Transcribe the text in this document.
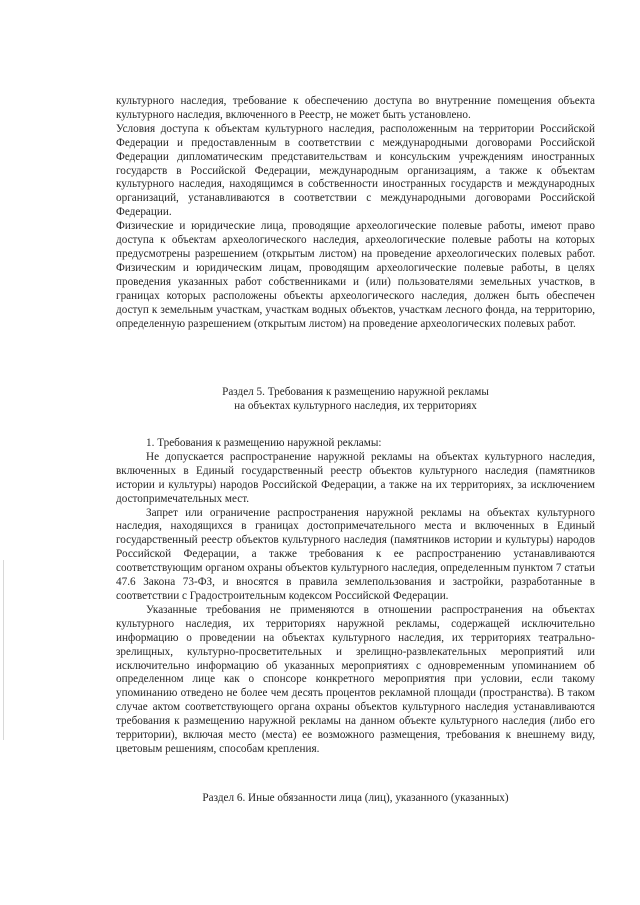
культурного наследия, требование к обеспечению доступа во внутренние помещения объекта культурного наследия, включенного в Реестр, не может быть установлено.

Условия доступа к объектам культурного наследия, расположенным на территории Российской Федерации и предоставленным в соответствии с международными договорами Российской Федерации дипломатическим представительствам и консульским учреждениям иностранных государств в Российской Федерации, международным организациям, а также к объектам культурного наследия, находящимся в собственности иностранных государств и международных организаций, устанавливаются в соответствии с международными договорами Российской Федерации.

Физические и юридические лица, проводящие археологические полевые работы, имеют право доступа к объектам археологического наследия, археологические полевые работы на которых предусмотрены разрешением (открытым листом) на проведение археологических полевых работ. Физическим и юридическим лицам, проводящим археологические полевые работы, в целях проведения указанных работ собственниками и (или) пользователями земельных участков, в границах которых расположены объекты археологического наследия, должен быть обеспечен доступ к земельным участкам, участкам водных объектов, участкам лесного фонда, на территорию, определенную разрешением (открытым листом) на проведение археологических полевых работ.

Раздел 5. Требования к размещению наружной рекламы
на объектах культурного наследия, их территориях

1. Требования к размещению наружной рекламы:

Не допускается распространение наружной рекламы на объектах культурного наследия, включенных в Единый государственный реестр объектов культурного наследия (памятников истории и культуры) народов Российской Федерации, а также на их территориях, за исключением достопримечательных мест.

Запрет или ограничение распространения наружной рекламы на объектах культурного наследия, находящихся в границах достопримечательного места и включенных в Единый государственный реестр объектов культурного наследия (памятников истории и культуры) народов Российской Федерации, а также требования к ее распространению устанавливаются соответствующим органом охраны объектов культурного наследия, определенным пунктом 7 статьи 47.6 Закона 73-ФЗ, и вносятся в правила землепользования и застройки, разработанные в соответствии с Градостроительным кодексом Российской Федерации.

Указанные требования не применяются в отношении распространения на объектах культурного наследия, их территориях наружной рекламы, содержащей исключительно информацию о проведении на объектах культурного наследия, их территориях театрально-зрелищных, культурно-просветительных и зрелищно-развлекательных мероприятий или исключительно информацию об указанных мероприятиях с одновременным упоминанием об определенном лице как о спонсоре конкретного мероприятия при условии, если такому упоминанию отведено не более чем десять процентов рекламной площади (пространства). В таком случае актом соответствующего органа охраны объектов культурного наследия устанавливаются требования к размещению наружной рекламы на данном объекте культурного наследия (либо его территории), включая место (места) ее возможного размещения, требования к внешнему виду, цветовым решениям, способам крепления.

Раздел 6. Иные обязанности лица (лиц), указанного (указанных)
